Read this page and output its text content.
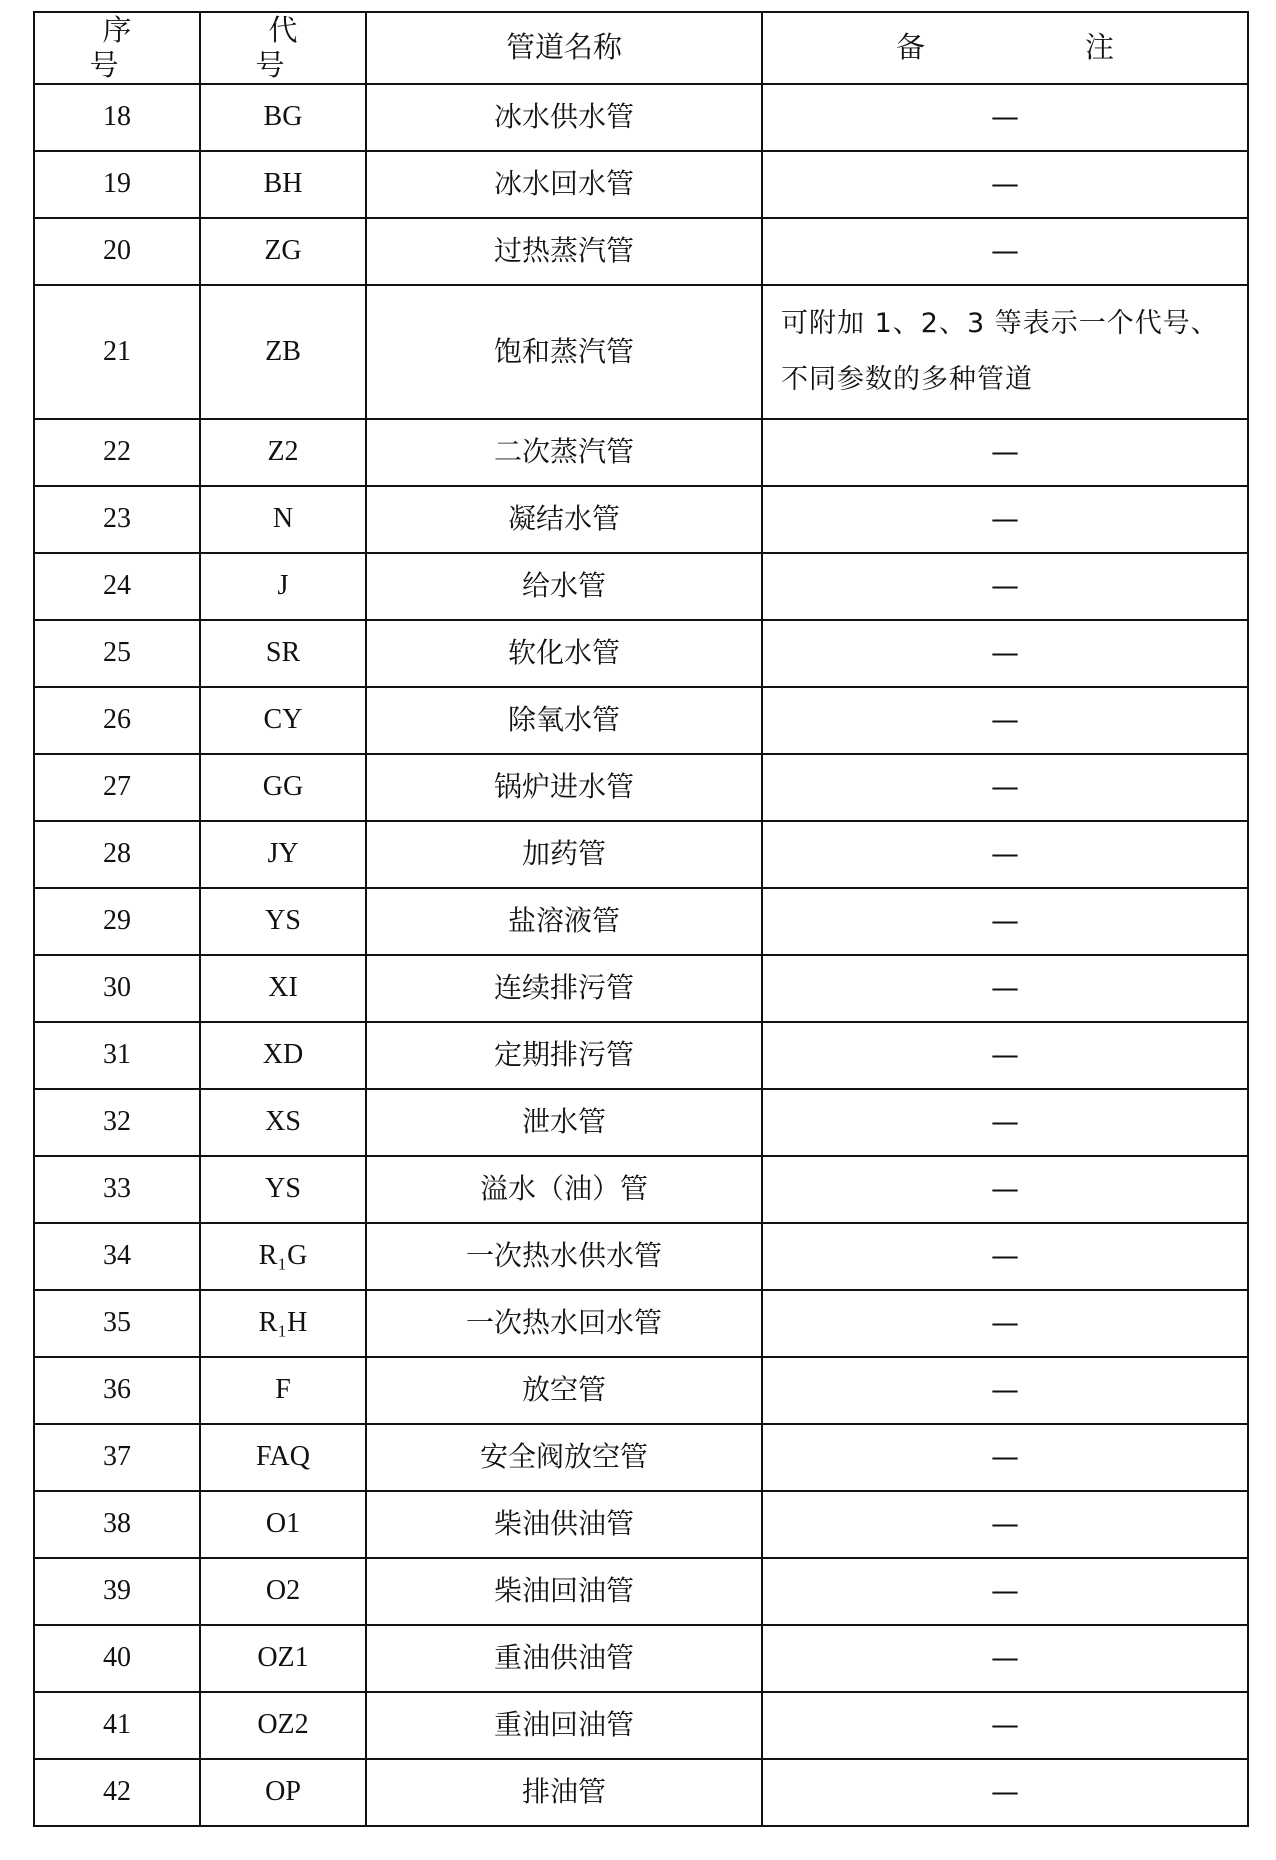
序 号	代 号	管道名称	备 注
18	BG	冰水供水管	—
19	BH	冰水回水管	—
20	ZG	过热蒸汽管	—
21	ZB	饱和蒸汽管	可附加 1、2、3 等表示一个代号、不同参数的多种管道
22	Z2	二次蒸汽管	—
23	N	凝结水管	—
24	J	给水管	—
25	SR	软化水管	—
26	CY	除氧水管	—
27	GG	锅炉进水管	—
28	JY	加药管	—
29	YS	盐溶液管	—
30	XI	连续排污管	—
31	XD	定期排污管	—
32	XS	泄水管	—
33	YS	溢水（油）管	—
34	R₁G	一次热水供水管	—
35	R₁H	一次热水回水管	—
36	F	放空管	—
37	FAQ	安全阀放空管	—
38	O1	柴油供油管	—
39	O2	柴油回油管	—
40	OZ1	重油供油管	—
41	OZ2	重油回油管	—
42	OP	排油管	—
